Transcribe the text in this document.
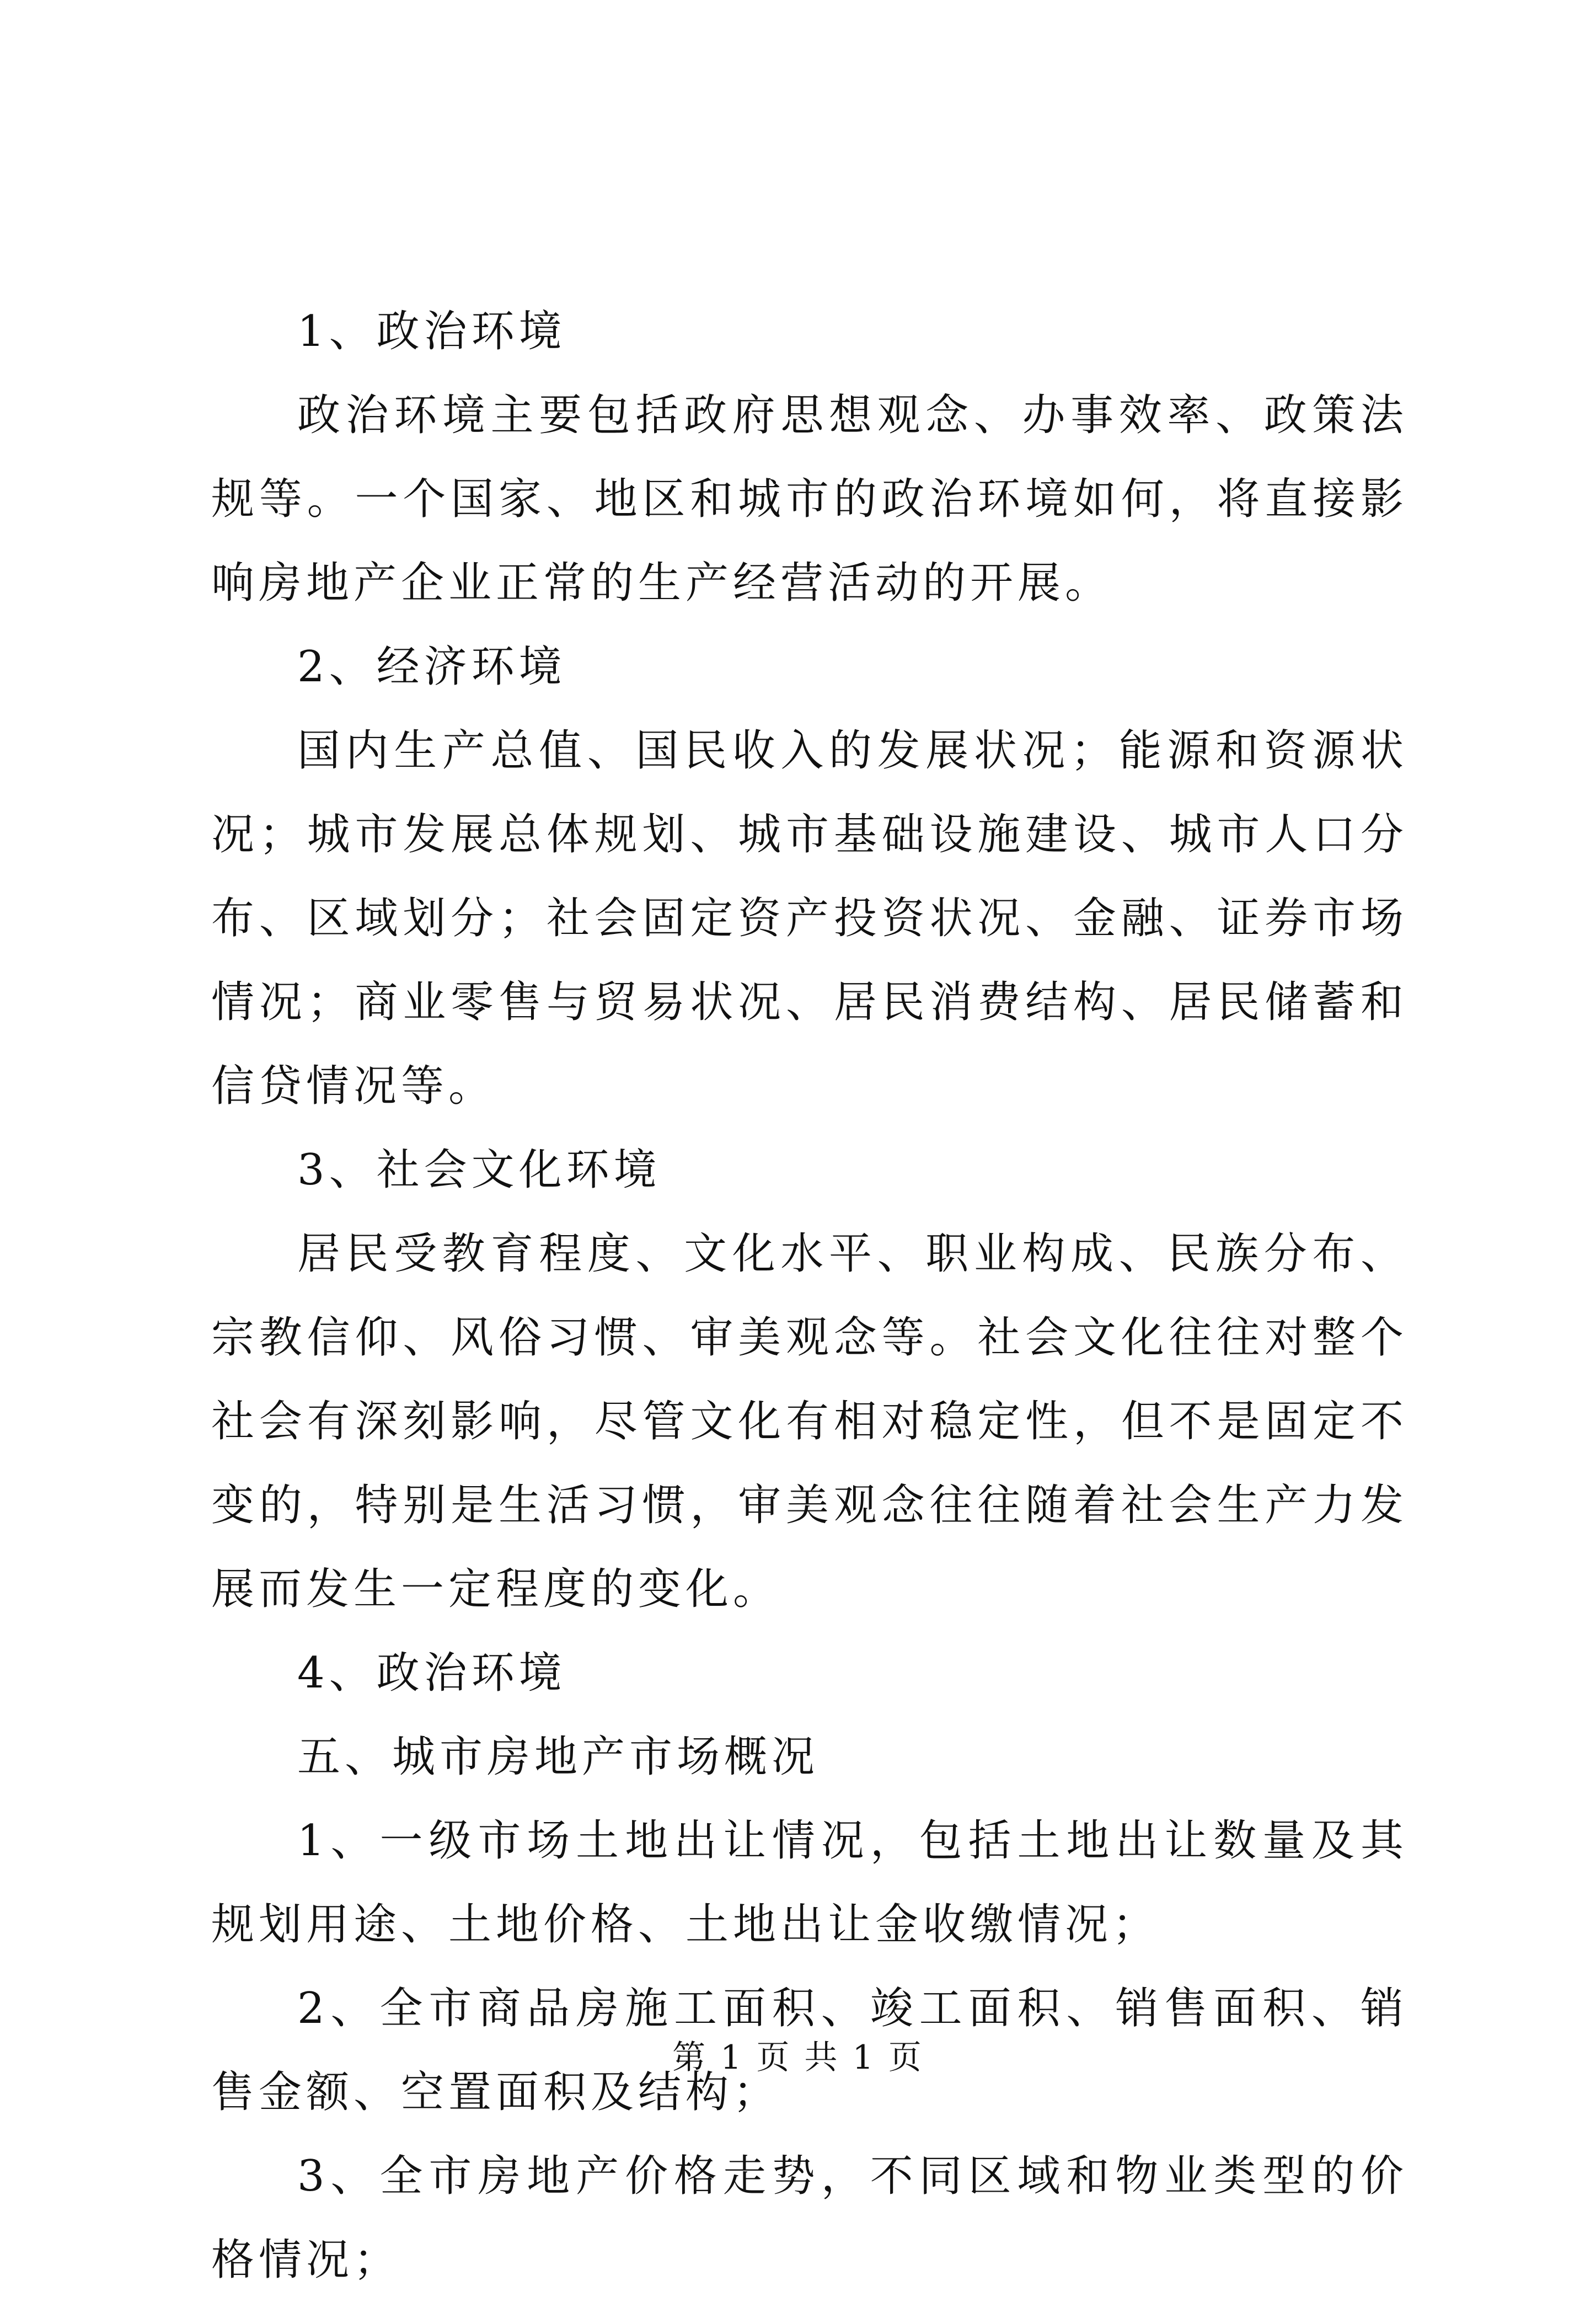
1、政治环境

政治环境主要包括政府思想观念、办事效率、政策法规等。一个国家、地区和城市的政治环境如何，将直接影响房地产企业正常的生产经营活动的开展。

2、经济环境

国内生产总值、国民收入的发展状况；能源和资源状况；城市发展总体规划、城市基础设施建设、城市人口分布、区域划分；社会固定资产投资状况、金融、证券市场情况；商业零售与贸易状况、居民消费结构、居民储蓄和信贷情况等。

3、社会文化环境

居民受教育程度、文化水平、职业构成、民族分布、宗教信仰、风俗习惯、审美观念等。社会文化往往对整个社会有深刻影响，尽管文化有相对稳定性，但不是固定不变的，特别是生活习惯，审美观念往往随着社会生产力发展而发生一定程度的变化。

4、政治环境

五、城市房地产市场概况

1、一级市场土地出让情况，包括土地出让数量及其规划用途、土地价格、土地出让金收缴情况；

2、全市商品房施工面积、竣工面积、销售面积、销售金额、空置面积及结构；

3、全市房地产价格走势，不同区域和物业类型的价格情况；

第 1 页 共 1 页
